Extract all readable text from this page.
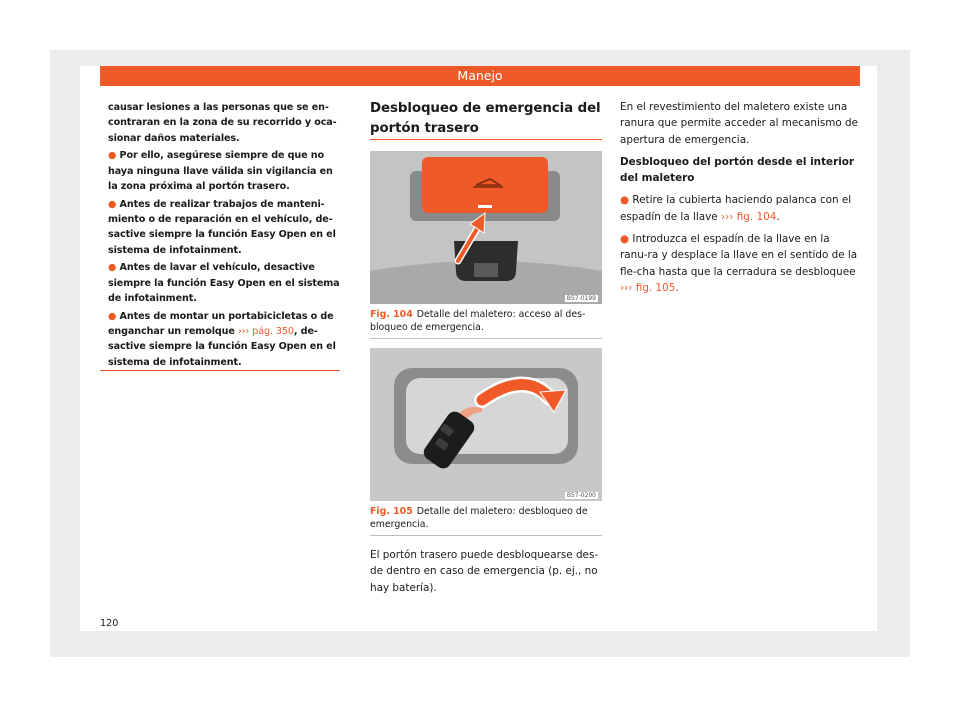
Manejo

causar lesiones a las personas que se en-contraran en la zona de su recorrido y oca-sionar daños materiales.

● Por ello, asegúrese siempre de que no haya ninguna llave válida sin vigilancia en la zona próxima al portón trasero.

● Antes de realizar trabajos de manteni-miento o de reparación en el vehículo, de-sactive siempre la función Easy Open en el sistema de infotainment.

● Antes de lavar el vehículo, desactive siempre la función Easy Open en el sistema de infotainment.

● Antes de montar un portabicicletas o de enganchar un remolque ››› pág. 350, de-sactive siempre la función Easy Open en el sistema de infotainment.

Desbloqueo de emergencia del portón trasero
B57-0199
Fig. 104 Detalle del maletero: acceso al des-bloqueo de emergencia.
B57-0200
Fig. 105 Detalle del maletero: desbloqueo de emergencia.
El portón trasero puede desbloquearse des-de dentro en caso de emergencia (p. ej., no hay batería).

En el revestimiento del maletero existe una ranura que permite acceder al mecanismo de apertura de emergencia.

Desbloqueo del portón desde el interior del maletero

● Retire la cubierta haciendo palanca con el espadín de la llave ››› fig. 104.

● Introduzca el espadín de la llave en la ranu-ra y desplace la llave en el sentido de la fle-cha hasta que la cerradura se desbloquee ››› fig. 105.

120
